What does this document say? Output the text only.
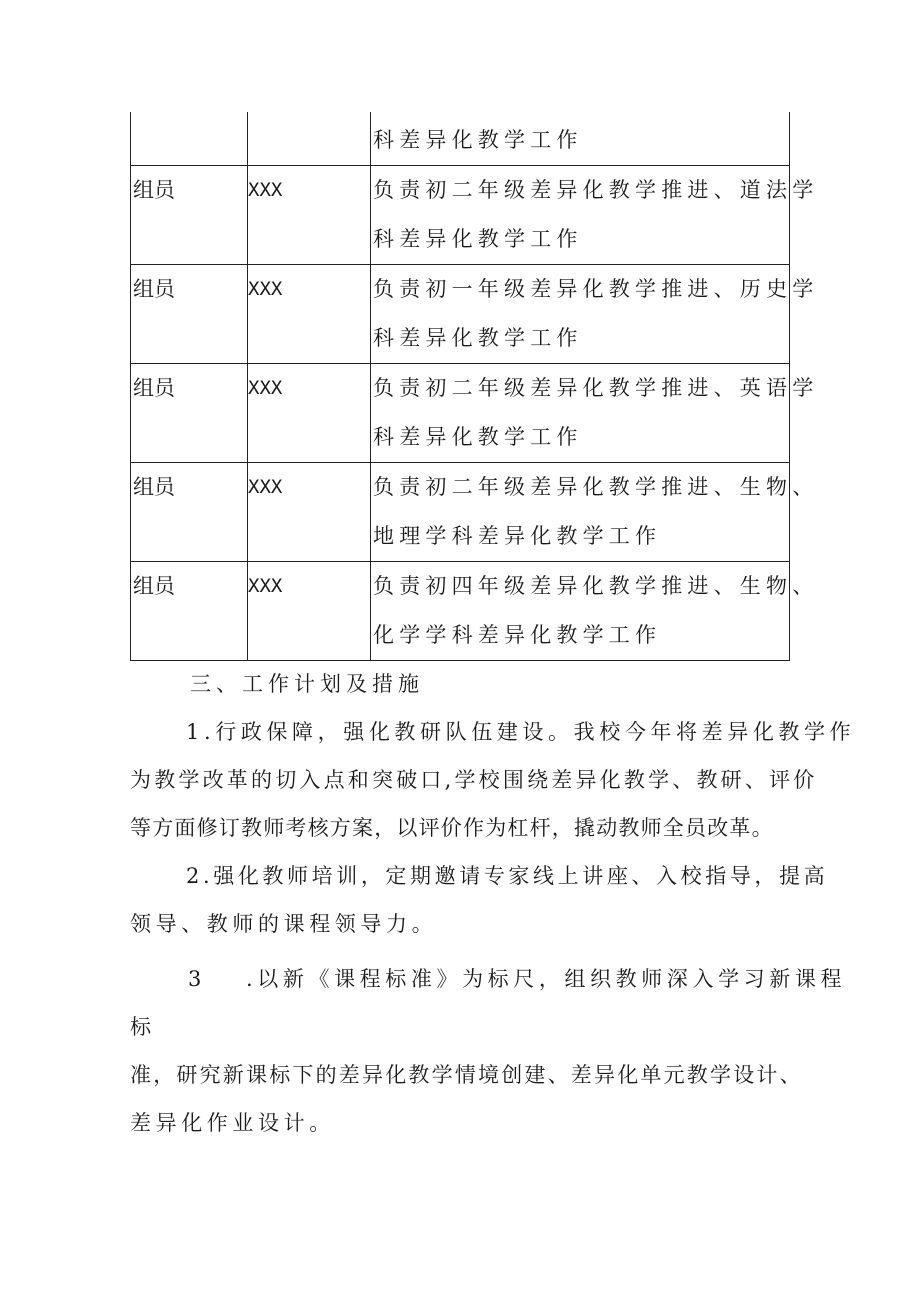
		科差异化教学工作

组员	XXX	负责初二年级差异化教学推进、道法学
科差异化教学工作

组员	XXX	负责初一年级差异化教学推进、历史学
科差异化教学工作

组员	XXX	负责初二年级差异化教学推进、英语学
科差异化教学工作

组员	XXX	负责初二年级差异化教学推进、生物、
地理学科差异化教学工作

组员	XXX	负责初四年级差异化教学推进、生物、
化学学科差异化教学工作
三、工作计划及措施
1.行政保障，强化教研队伍建设。我校今年将差异化教学作
为教学改革的切入点和突破口,学校围绕差异化教学、教研、评价
等方面修订教师考核方案，以评价作为杠杆，撬动教师全员改革。
2.强化教师培训，定期邀请专家线上讲座、入校指导，提高
领导、教师的课程领导力。
3 .以新《课程标准》为标尺，组织教师深入学习新课程
标
准，研究新课标下的差异化教学情境创建、差异化单元教学设计、
差异化作业设计。
